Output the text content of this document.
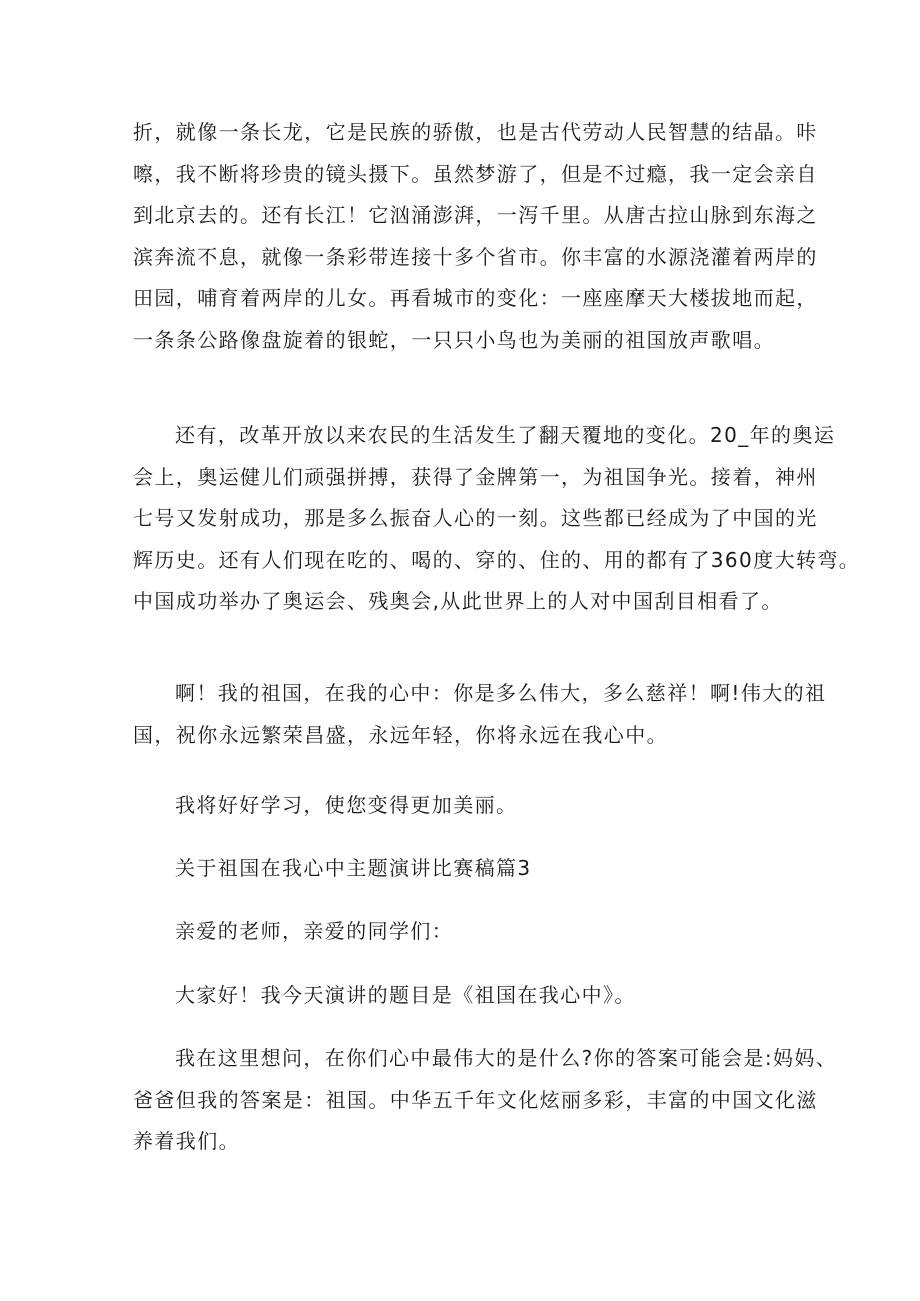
折，就像一条长龙，它是民族的骄傲，也是古代劳动人民智慧的结晶。咔
嚓，我不断将珍贵的镜头摄下。虽然梦游了，但是不过瘾，我一定会亲自
到北京去的。还有长江！它汹涌澎湃，一泻千里。从唐古拉山脉到东海之
滨奔流不息，就像一条彩带连接十多个省市。你丰富的水源浇灌着两岸的
田园，哺育着两岸的儿女。再看城市的变化：一座座摩天大楼拔地而起，
一条条公路像盘旋着的银蛇，一只只小鸟也为美丽的祖国放声歌唱。

还有，改革开放以来农民的生活发生了翻天覆地的变化。20_年的奥运
会上，奥运健儿们顽强拼搏，获得了金牌第一，为祖国争光。接着，神州
七号又发射成功，那是多么振奋人心的一刻。这些都已经成为了中国的光
辉历史。还有人们现在吃的、喝的、穿的、住的、用的都有了360度大转弯。
中国成功举办了奥运会、残奥会,从此世界上的人对中国刮目相看了。

啊！我的祖国，在我的心中：你是多么伟大，多么慈祥！啊!伟大的祖
国，祝你永远繁荣昌盛，永远年轻，你将永远在我心中。

我将好好学习，使您变得更加美丽。

关于祖国在我心中主题演讲比赛稿篇3

亲爱的老师，亲爱的同学们：

大家好！我今天演讲的题目是《祖国在我心中》。

我在这里想问，在你们心中最伟大的是什么?你的答案可能会是:妈妈、
爸爸但我的答案是：祖国。中华五千年文化炫丽多彩，丰富的中国文化滋
养着我们。
